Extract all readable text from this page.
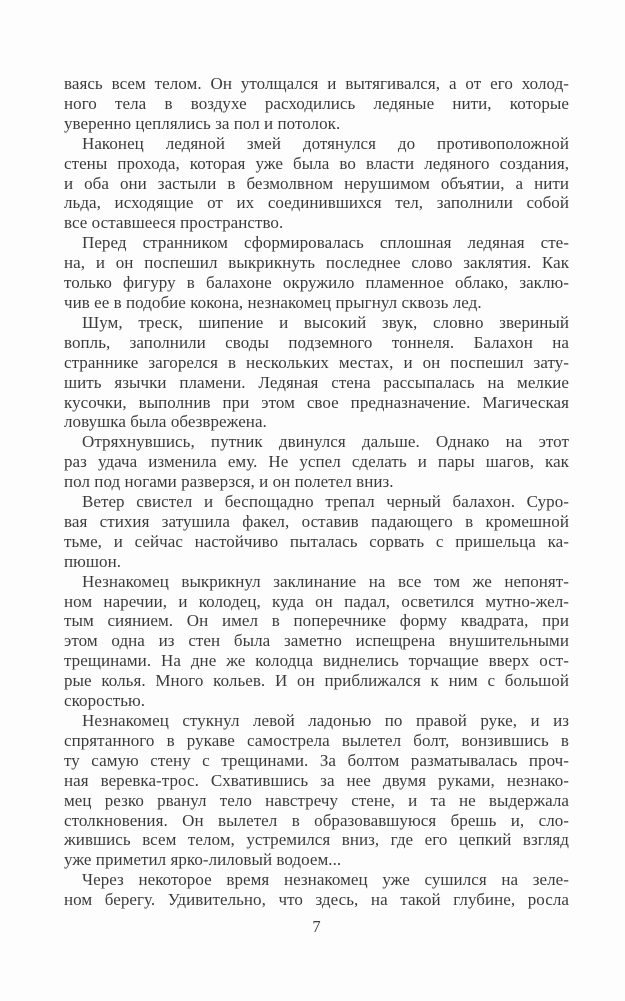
ваясь всем телом. Он утолщался и вытягивался, а от его холод-
ного тела в воздухе расходились ледяные нити, которые
уверенно цеплялись за пол и потолок.
Наконец ледяной змей дотянулся до противоположной
стены прохода, которая уже была во власти ледяного создания,
и оба они застыли в безмолвном нерушимом объятии, а нити
льда, исходящие от их соединившихся тел, заполнили собой
все оставшееся пространство.
Перед странником сформировалась сплошная ледяная сте-
на, и он поспешил выкрикнуть последнее слово заклятия. Как
только фигуру в балахоне окружило пламенное облако, заклю-
чив ее в подобие кокона, незнакомец прыгнул сквозь лед.
Шум, треск, шипение и высокий звук, словно звериный
вопль, заполнили своды подземного тоннеля. Балахон на
страннике загорелся в нескольких местах, и он поспешил зату-
шить язычки пламени. Ледяная стена рассыпалась на мелкие
кусочки, выполнив при этом свое предназначение. Магическая
ловушка была обезврежена.
Отряхнувшись, путник двинулся дальше. Однако на этот
раз удача изменила ему. Не успел сделать и пары шагов, как
пол под ногами разверзся, и он полетел вниз.
Ветер свистел и беспощадно трепал черный балахон. Суро-
вая стихия затушила факел, оставив падающего в кромешной
тьме, и сейчас настойчиво пыталась сорвать с пришельца ка-
пюшон.
Незнакомец выкрикнул заклинание на все том же непонят-
ном наречии, и колодец, куда он падал, осветился мутно-жел-
тым сиянием. Он имел в поперечнике форму квадрата, при
этом одна из стен была заметно испещрена внушительными
трещинами. На дне же колодца виднелись торчащие вверх ост-
рые колья. Много кольев. И он приближался к ним с большой
скоростью.
Незнакомец стукнул левой ладонью по правой руке, и из
спрятанного в рукаве самострела вылетел болт, вонзившись в
ту самую стену с трещинами. За болтом разматывалась проч-
ная веревка-трос. Схватившись за нее двумя руками, незнако-
мец резко рванул тело навстречу стене, и та не выдержала
столкновения. Он вылетел в образовавшуюся брешь и, сло-
жившись всем телом, устремился вниз, где его цепкий взгляд
уже приметил ярко-лиловый водоем...
Через некоторое время незнакомец уже сушился на зеле-
ном берегу. Удивительно, что здесь, на такой глубине, росла
7
